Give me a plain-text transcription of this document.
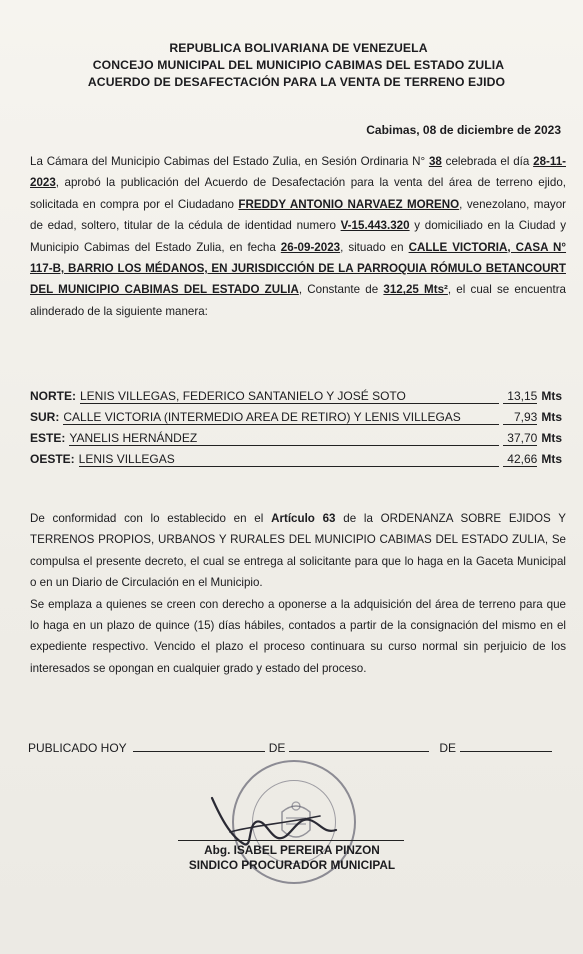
REPUBLICA BOLIVARIANA DE VENEZUELA
CONCEJO MUNICIPAL DEL MUNICIPIO CABIMAS DEL ESTADO ZULIA
ACUERDO DE DESAFECTACIÓN PARA LA VENTA DE TERRENO EJIDO
Cabimas, 08 de diciembre de 2023
La Cámara del Municipio Cabimas del Estado Zulia, en Sesión Ordinaria N° 38 celebrada el día 28-11-2023, aprobó la publicación del Acuerdo de Desafectación para la venta del área de terreno ejido, solicitada en compra por el Ciudadano FREDDY ANTONIO NARVAEZ MORENO, venezolano, mayor de edad, soltero, titular de la cédula de identidad numero V-15.443.320 y domiciliado en la Ciudad y Municipio Cabimas del Estado Zulia, en fecha 26-09-2023, situado en CALLE VICTORIA, CASA N° 117-B, BARRIO LOS MÉDANOS, EN JURISDICCIÓN DE LA PARROQUIA RÓMULO BETANCOURT DEL MUNICIPIO CABIMAS DEL ESTADO ZULIA, Constante de 312,25 Mts², el cual se encuentra alinderado de la siguiente manera:
NORTE: LENIS VILLEGAS, FEDERICO SANTANIELO Y JOSÉ SOTO	13,15 Mts
SUR: CALLE VICTORIA (INTERMEDIO AREA DE RETIRO) Y LENIS VILLEGAS	7,93 Mts
ESTE: YANELIS HERNÁNDEZ	37,70 Mts
OESTE: LENIS VILLEGAS	42,66 Mts

De conformidad con lo establecido en el Artículo 63 de la ORDENANZA SOBRE EJIDOS Y TERRENOS PROPIOS, URBANOS Y RURALES DEL MUNICIPIO CABIMAS DEL ESTADO ZULIA, Se compulsa el presente decreto, el cual se entrega al solicitante para que lo haga en la Gaceta Municipal o en un Diario de Circulación en el Municipio.

Se emplaza a quienes se creen con derecho a oponerse a la adquisición del área de terreno para que lo haga en un plazo de quince (15) días hábiles, contados a partir de la consignación del mismo en el expediente respectivo. Vencido el plazo el proceso continuara su curso normal sin perjuicio de los interesados se opongan en cualquier grado y estado del proceso.

PUBLICADO HOY	DE	DE
Abg. ISABEL PEREIRA PINZON
SINDICO PROCURADOR MUNICIPAL
